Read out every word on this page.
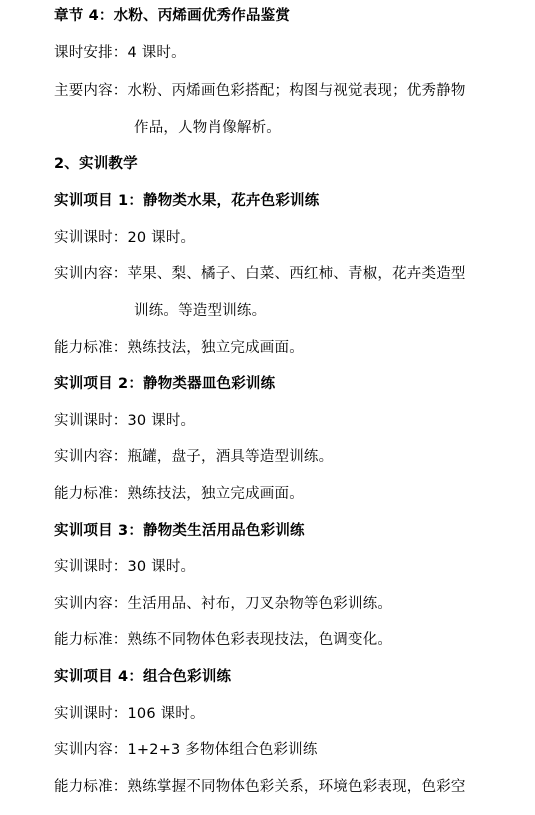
章节 4：水粉、丙烯画优秀作品鉴赏
课时安排：4 课时。
主要内容：水粉、丙烯画色彩搭配；构图与视觉表现；优秀静物
作品，人物肖像解析。
2、实训教学
实训项目 1：静物类水果，花卉色彩训练
实训课时：20 课时。
实训内容：苹果、梨、橘子、白菜、西红柿、青椒，花卉类造型
训练。等造型训练。
能力标准：熟练技法，独立完成画面。
实训项目 2：静物类器皿色彩训练
实训课时：30 课时。
实训内容：瓶罐，盘子，酒具等造型训练。
能力标准：熟练技法，独立完成画面。
实训项目 3：静物类生活用品色彩训练
实训课时：30 课时。
实训内容：生活用品、衬布，刀叉杂物等色彩训练。
能力标准：熟练不同物体色彩表现技法，色调变化。
实训项目 4：组合色彩训练
实训课时：106 课时。
实训内容：1+2+3 多物体组合色彩训练
能力标准：熟练掌握不同物体色彩关系，环境色彩表现，色彩空
